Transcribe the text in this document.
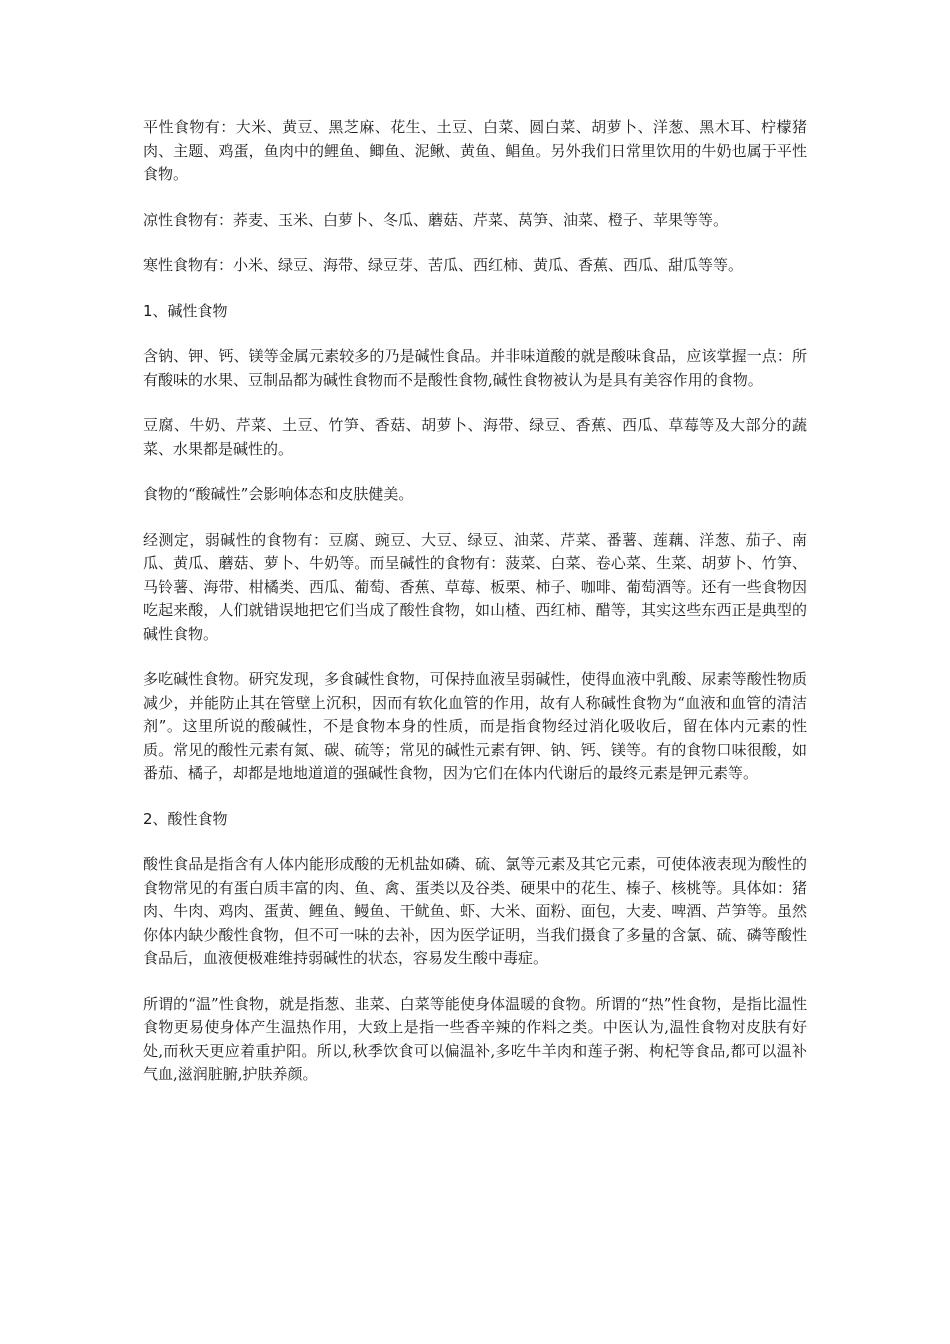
平性食物有：大米、黄豆、黑芝麻、花生、土豆、白菜、圆白菜、胡萝卜、洋葱、黑木耳、柠檬猪肉、主题、鸡蛋，鱼肉中的鲤鱼、鲫鱼、泥鳅、黄鱼、鲳鱼。另外我们日常里饮用的牛奶也属于平性食物。

凉性食物有：荞麦、玉米、白萝卜、冬瓜、蘑菇、芹菜、莴笋、油菜、橙子、苹果等等。

寒性食物有：小米、绿豆、海带、绿豆芽、苦瓜、西红柿、黄瓜、香蕉、西瓜、甜瓜等等。

1、碱性食物

含钠、钾、钙、镁等金属元素较多的乃是碱性食品。并非味道酸的就是酸味食品，应该掌握一点：所有酸味的水果、豆制品都为碱性食物而不是酸性食物,碱性食物被认为是具有美容作用的食物。

豆腐、牛奶、芹菜、土豆、竹笋、香菇、胡萝卜、海带、绿豆、香蕉、西瓜、草莓等及大部分的蔬菜、水果都是碱性的。

食物的“酸碱性”会影响体态和皮肤健美。

经测定，弱碱性的食物有：豆腐、豌豆、大豆、绿豆、油菜、芹菜、番薯、莲藕、洋葱、茄子、南瓜、黄瓜、蘑菇、萝卜、牛奶等。而呈碱性的食物有：菠菜、白菜、卷心菜、生菜、胡萝卜、竹笋、马铃薯、海带、柑橘类、西瓜、葡萄、香蕉、草莓、板栗、柿子、咖啡、葡萄酒等。还有一些食物因吃起来酸，人们就错误地把它们当成了酸性食物，如山楂、西红柿、醋等，其实这些东西正是典型的碱性食物。

多吃碱性食物。研究发现，多食碱性食物，可保持血液呈弱碱性，使得血液中乳酸、尿素等酸性物质减少，并能防止其在管壁上沉积，因而有软化血管的作用，故有人称碱性食物为“血液和血管的清洁剂”。这里所说的酸碱性，不是食物本身的性质，而是指食物经过消化吸收后，留在体内元素的性质。常见的酸性元素有氮、碳、硫等；常见的碱性元素有钾、钠、钙、镁等。有的食物口味很酸，如番茄、橘子，却都是地地道道的强碱性食物，因为它们在体内代谢后的最终元素是钾元素等。

2、酸性食物

酸性食品是指含有人体内能形成酸的无机盐如磷、硫、氯等元素及其它元素，可使体液表现为酸性的食物常见的有蛋白质丰富的肉、鱼、禽、蛋类以及谷类、硬果中的花生、榛子、核桃等。具体如：猪肉、牛肉、鸡肉、蛋黄、鲤鱼、鳗鱼、干鱿鱼、虾、大米、面粉、面包，大麦、啤酒、芦笋等。虽然你体内缺少酸性食物，但不可一味的去补，因为医学证明，当我们摄食了多量的含氯、硫、磷等酸性食品后，血液便极难维持弱碱性的状态，容易发生酸中毒症。

所谓的“温”性食物，就是指葱、韭菜、白菜等能使身体温暖的食物。所谓的“热”性食物，是指比温性食物更易使身体产生温热作用，大致上是指一些香辛辣的作料之类。中医认为,温性食物对皮肤有好处,而秋天更应着重护阳。所以,秋季饮食可以偏温补,多吃牛羊肉和莲子粥、枸杞等食品,都可以温补气血,滋润脏腑,护肤养颜。
